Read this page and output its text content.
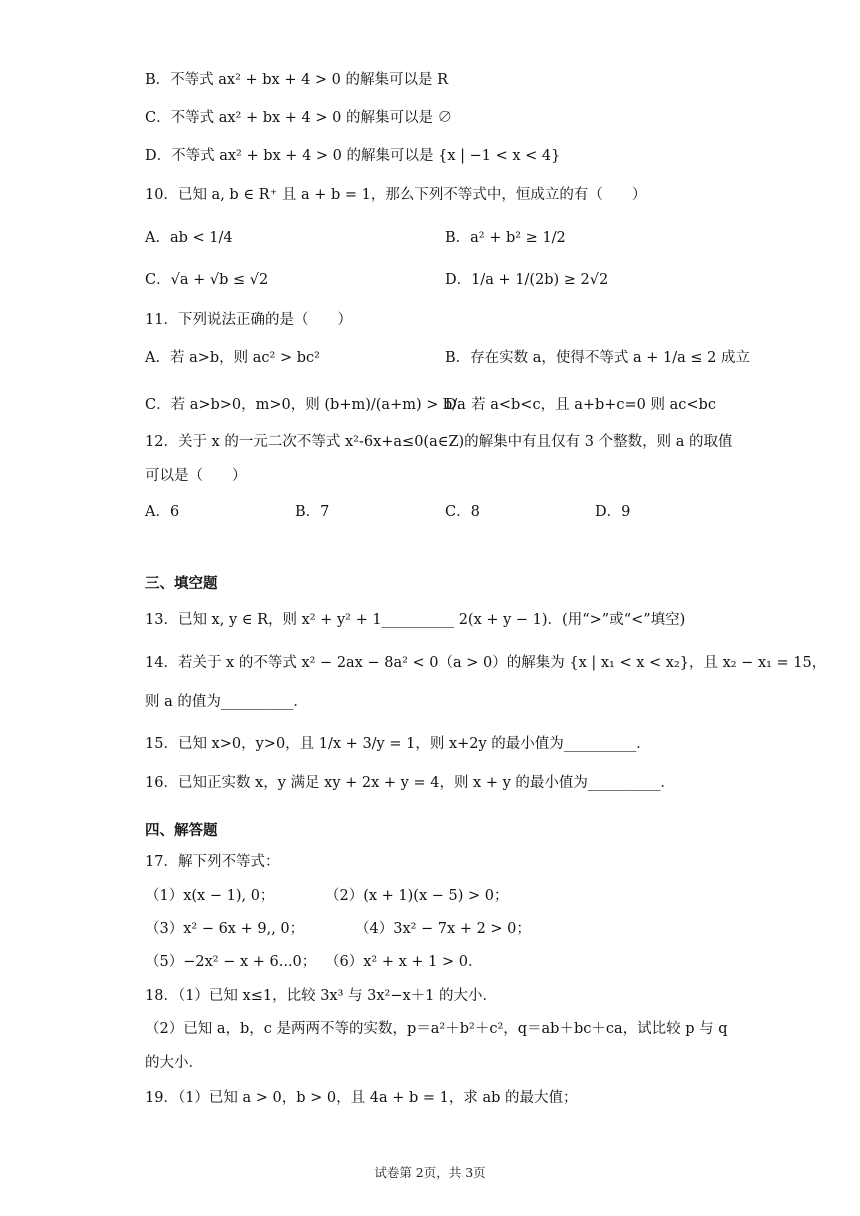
B．不等式 ax² + bx + 4 > 0 的解集可以是 R
C．不等式 ax² + bx + 4 > 0 的解集可以是 ∅
D．不等式 ax² + bx + 4 > 0 的解集可以是 {x | −1 < x < 4}
10．已知 a, b ∈ R⁺ 且 a + b = 1，那么下列不等式中，恒成立的有（　　）
A．ab < 1/4	B．a² + b² ≥ 1/2
C．√a + √b ≤ √2	D．1/a + 1/(2b) ≥ 2√2
11．下列说法正确的是（　　）
A．若 a>b，则 ac² > bc²	B．存在实数 a，使得不等式 a + 1/a ≤ 2 成立
C．若 a>b>0，m>0，则 (b+m)/(a+m) > b/a
D．若 a<b<c，且 a+b+c=0 则 ac<bc
12．关于 x 的一元二次不等式 x²-6x+a≤0(a∈Z)的解集中有且仅有 3 个整数，则 a 的取值
可以是（　　）
A．6	B．7	C．8	D．9
三、填空题
13．已知 x, y ∈ R，则 x² + y² + 1__________ 2(x + y − 1)．(用“>”或“<”填空)
14．若关于 x 的不等式 x² − 2ax − 8a² < 0（a > 0）的解集为 {x | x₁ < x < x₂}，且 x₂ − x₁ = 15，
则 a 的值为__________．
15．已知 x>0，y>0，且 1/x + 3/y = 1，则 x+2y 的最小值为__________．
16．已知正实数 x，y 满足 xy + 2x + y = 4，则 x + y 的最小值为__________．
四、解答题
17．解下列不等式：
（1）x(x − 1), 0；	（2）(x + 1)(x − 5) > 0；
（3）x² − 6x + 9,, 0；	（4）3x² − 7x + 2 > 0；
（5）−2x² − x + 6...0； （6）x² + x + 1 > 0．
18．（1）已知 x≤1，比较 3x³ 与 3x²−x＋1 的大小．
（2）已知 a，b，c 是两两不等的实数，p＝a²＋b²＋c²，q＝ab＋bc＋ca，试比较 p 与 q
的大小．
19．（1）已知 a > 0，b > 0，且 4a + b = 1，求 ab 的最大值；
试卷第 2页，共 3页
